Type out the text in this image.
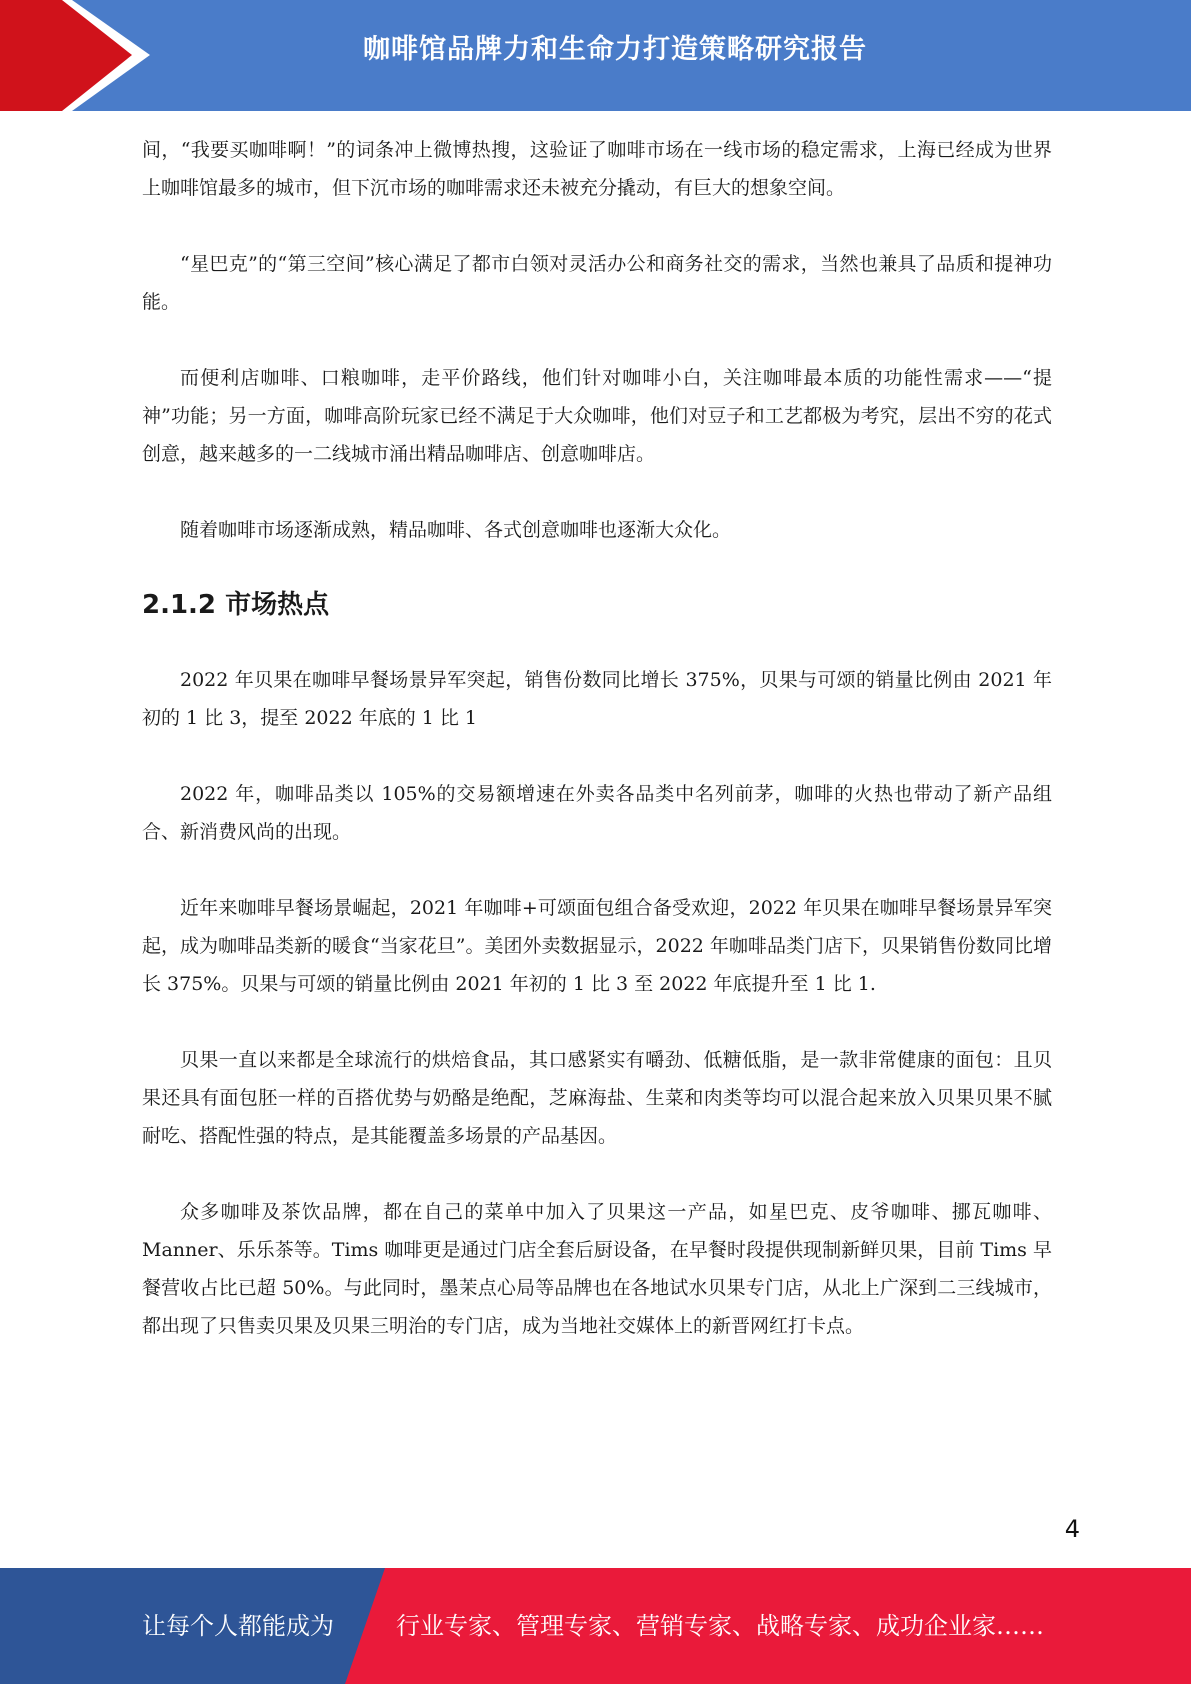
咖啡馆品牌力和生命力打造策略研究报告

间，“我要买咖啡啊！”的词条冲上微博热搜，这验证了咖啡市场在一线市场的稳定需求，上海已经成为世界上咖啡馆最多的城市，但下沉市场的咖啡需求还未被充分撬动，有巨大的想象空间。

“星巴克”的“第三空间”核心满足了都市白领对灵活办公和商务社交的需求，当然也兼具了品质和提神功能。

而便利店咖啡、口粮咖啡，走平价路线，他们针对咖啡小白，关注咖啡最本质的功能性需求——“提神”功能；另一方面，咖啡高阶玩家已经不满足于大众咖啡，他们对豆子和工艺都极为考究，层出不穷的花式创意，越来越多的一二线城市涌出精品咖啡店、创意咖啡店。

随着咖啡市场逐渐成熟，精品咖啡、各式创意咖啡也逐渐大众化。

2.1.2 市场热点

2022 年贝果在咖啡早餐场景异军突起，销售份数同比增长 375%，贝果与可颂的销量比例由 2021 年初的 1 比 3，提至 2022 年底的 1 比 1

2022 年，咖啡品类以 105%的交易额增速在外卖各品类中名列前茅，咖啡的火热也带动了新产品组合、新消费风尚的出现。

近年来咖啡早餐场景崛起，2021 年咖啡+可颂面包组合备受欢迎，2022 年贝果在咖啡早餐场景异军突起，成为咖啡品类新的暖食“当家花旦”。美团外卖数据显示，2022 年咖啡品类门店下，贝果销售份数同比增长 375%。贝果与可颂的销量比例由 2021 年初的 1 比 3 至 2022 年底提升至 1 比 1.

贝果一直以来都是全球流行的烘焙食品，其口感紧实有嚼劲、低糖低脂，是一款非常健康的面包：且贝果还具有面包胚一样的百搭优势与奶酪是绝配，芝麻海盐、生菜和肉类等均可以混合起来放入贝果贝果不腻耐吃、搭配性强的特点，是其能覆盖多场景的产品基因。

众多咖啡及茶饮品牌，都在自己的菜单中加入了贝果这一产品，如星巴克、皮爷咖啡、挪瓦咖啡、Manner、乐乐茶等。Tims 咖啡更是通过门店全套后厨设备，在早餐时段提供现制新鲜贝果，目前 Tims 早餐营收占比已超 50%。与此同时，墨茉点心局等品牌也在各地试水贝果专门店，从北上广深到二三线城市，都出现了只售卖贝果及贝果三明治的专门店，成为当地社交媒体上的新晋网红打卡点。

4
让每个人都能成为	行业专家、管理专家、营销专家、战略专家、成功企业家……
